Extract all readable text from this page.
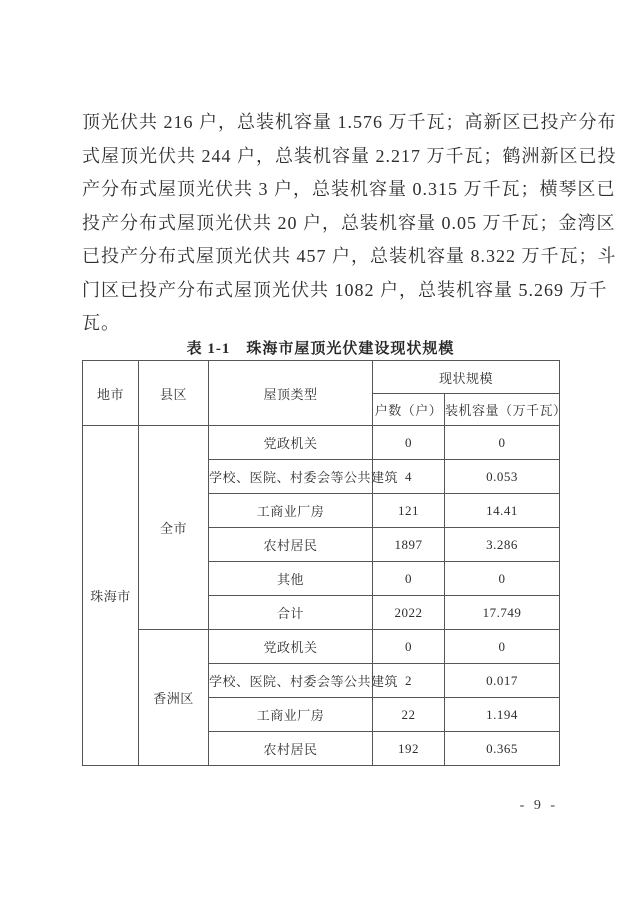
顶光伏共 216 户，总装机容量 1.576 万千瓦；高新区已投产分布
式屋顶光伏共 244 户，总装机容量 2.217 万千瓦；鹤洲新区已投
产分布式屋顶光伏共 3 户，总装机容量 0.315 万千瓦；横琴区已
投产分布式屋顶光伏共 20 户，总装机容量 0.05 万千瓦；金湾区
已投产分布式屋顶光伏共 457 户，总装机容量 8.322 万千瓦；斗
门区已投产分布式屋顶光伏共 1082 户，总装机容量 5.269 万千
瓦。
表 1-1　珠海市屋顶光伏建设现状规模
地市	县区	屋顶类型	现状规模	
			户数（户）	装机容量（万千瓦）
珠海市	全市	党政机关	0	0
		学校、医院、村委会等公共建筑	4	0.053
		工商业厂房	121	14.41
		农村居民	1897	3.286
		其他	0	0
		合计	2022	17.749
	香洲区	党政机关	0	0
		学校、医院、村委会等公共建筑	2	0.017
		工商业厂房	22	1.194
		农村居民	192	0.365
- 9 -
